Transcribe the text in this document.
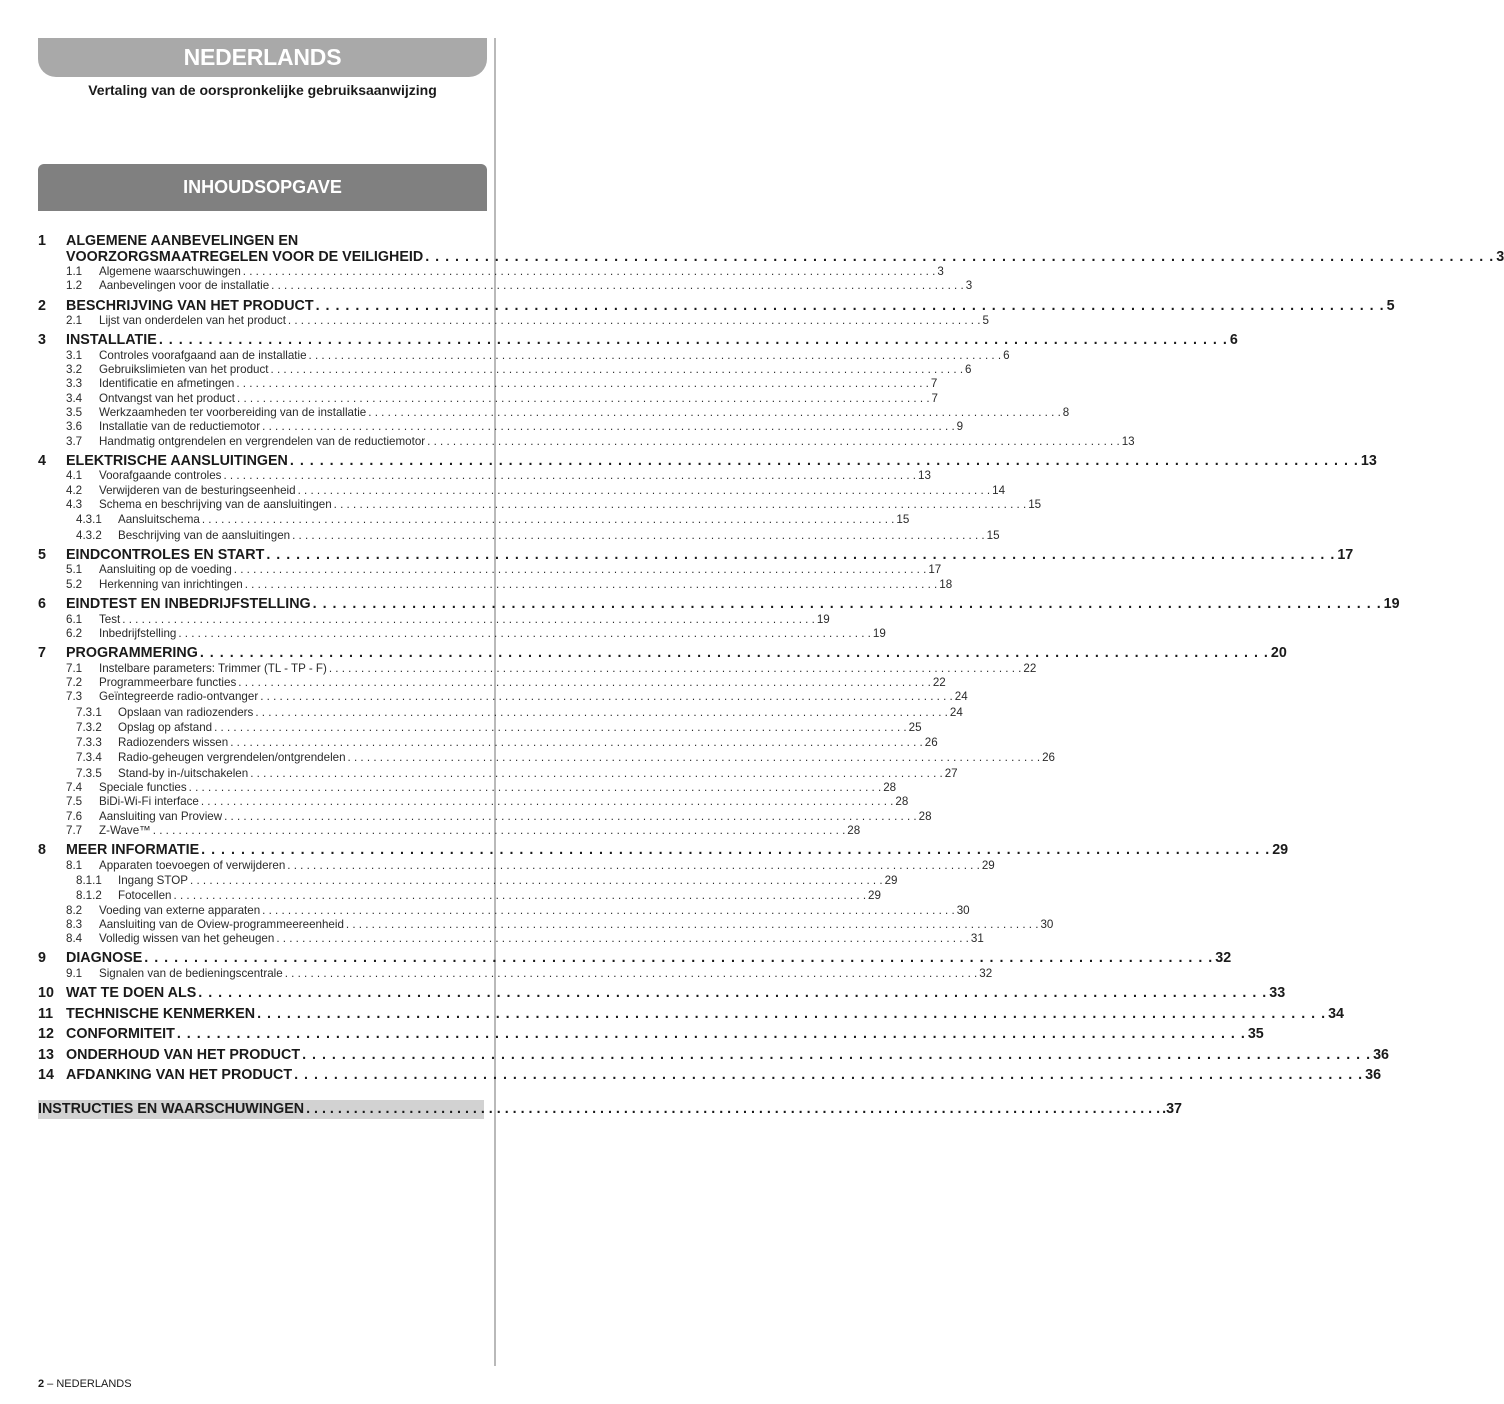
NEDERLANDS
Vertaling van de oorspronkelijke gebruiksaanwijzing
INHOUDSOPGAVE
1	ALGEMENE AANBEVELINGEN EN
VOORZORGSMAATREGELEN VOOR DE VEILIGHEID . . .	3
1.1	Algemene waarschuwingen . . .	3
1.2	Aanbevelingen voor de installatie . . .	3
2	BESCHRIJVING VAN HET PRODUCT . . .	5
2.1	Lijst van onderdelen van het product . . .	5
3	INSTALLATIE . . .	6
3.1	Controles voorafgaand aan de installatie . . .	6
3.2	Gebruikslimieten van het product . . .	6
3.3	Identificatie en afmetingen . . .	7
3.4	Ontvangst van het product . . .	7
3.5	Werkzaamheden ter voorbereiding van de installatie . . .	8
3.6	Installatie van de reductiemotor . . .	9
3.7	Handmatig ontgrendelen en vergrendelen van de reductiemotor . . .	13
4	ELEKTRISCHE AANSLUITINGEN . . .	13
4.1	Voorafgaande controles . . .	13
4.2	Verwijderen van de besturingseenheid . . .	14
4.3	Schema en beschrijving van de aansluitingen . . .	15
4.3.1	Aansluitschema . . .	15
4.3.2	Beschrijving van de aansluitingen . . .	15
5	EINDCONTROLES EN START . . .	17
5.1	Aansluiting op de voeding . . .	17
5.2	Herkenning van inrichtingen . . .	18
6	EINDTEST EN INBEDRIJFSTELLING . . .	19
6.1	Test . . .	19
6.2	Inbedrijfstelling . . .	19
7	PROGRAMMERING . . .	20
7.1	Instelbare parameters: Trimmer (TL - TP - F) . . .	22
7.2	Programmeerbare functies . . .	22
7.3	Geïntegreerde radio-ontvanger . . .	24
7.3.1	Opslaan van radiozenders . . .	24
7.3.2	Opslag op afstand . . .	25
7.3.3	Radiozenders wissen . . .	26
7.3.4	Radio-geheugen vergrendelen/ontgrendelen . . .	26
7.3.5	Stand-by in-/uitschakelen . . .	27
7.4	Speciale functies . . .	28
7.5	BiDi-Wi-Fi interface . . .	28
7.6	Aansluiting van Proview . . .	28
7.7	Z-Wave™ . . .	28
8	MEER INFORMATIE . . .	29
8.1	Apparaten toevoegen of verwijderen . . .	29
8.1.1	Ingang STOP . . .	29
8.1.2	Fotocellen . . .	29
8.2	Voeding van externe apparaten . . .	30
8.3	Aansluiting van de Oview-programmeereenheid . . .	30
8.4	Volledig wissen van het geheugen . . .	31
9	DIAGNOSE . . .	32
9.1	Signalen van de bedieningscentrale . . .	32
10 WAT TE DOEN ALS . . .	33
11 TECHNISCHE KENMERKEN . . .	34
12 CONFORMITEIT . . .	35
13 ONDERHOUD VAN HET PRODUCT . . .	36
14 AFDANKING VAN HET PRODUCT . . .	36
INSTRUCTIES EN WAARSCHUWINGEN . . .	.37
2 – NEDERLANDS
